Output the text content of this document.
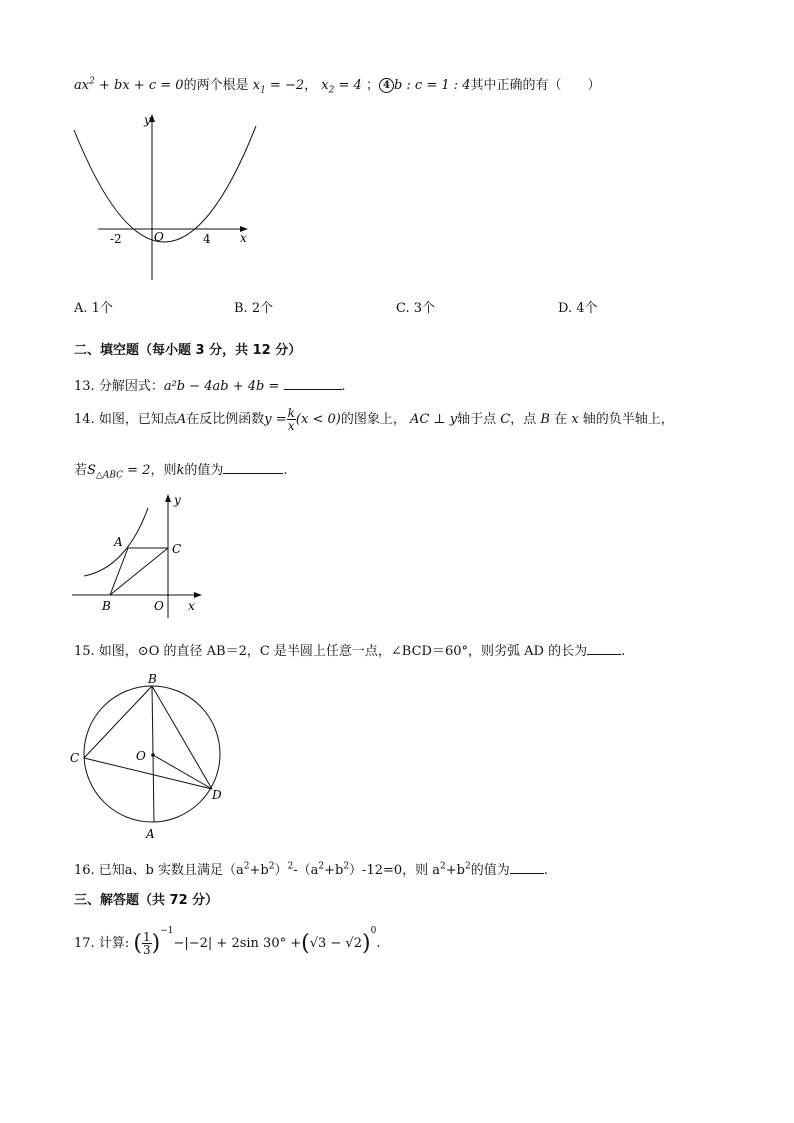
$ax^2$ + bx + c = 0的两个根是 $x_1 = -2$， $x_2 = 4$ ； 4 b : c = 1 : 4其中正确的有（　　）
y
x
O
-2	4
A. 1个	B. 2个	C. 3个	D. 4个
二、填空题（每小题 3 分，共 12 分）
13. 分解因式：a²b − 4ab + 4b =	.
14. 如图，已知点A在反比例函数$y = \frac{k}{x} (x < 0)$的图象上， AC ⊥ y轴于点 C，点 B 在 x 轴的负半轴上，
若$S_{\triangle ABC} = 2$，则k的值为	.
y
x
A
B
C
O
15. 如图，⊙O 的直径 AB＝2，C 是半圆上任意一点，∠BCD＝60°，则劣弧 AD 的长为	.
B
A
C
D
O
16. 已知a、b 实数且满足$(a^2+b^2)^2-(a^2+b^2)-12=0$，则 $a^2+b^2$的值为	.
三、解答题（共 72 分）
17. 计算: ( $\frac{1}{3} )^{-1}-|-2| + 2\sin$ $30^\circ +(√3 - √2)^0$.
